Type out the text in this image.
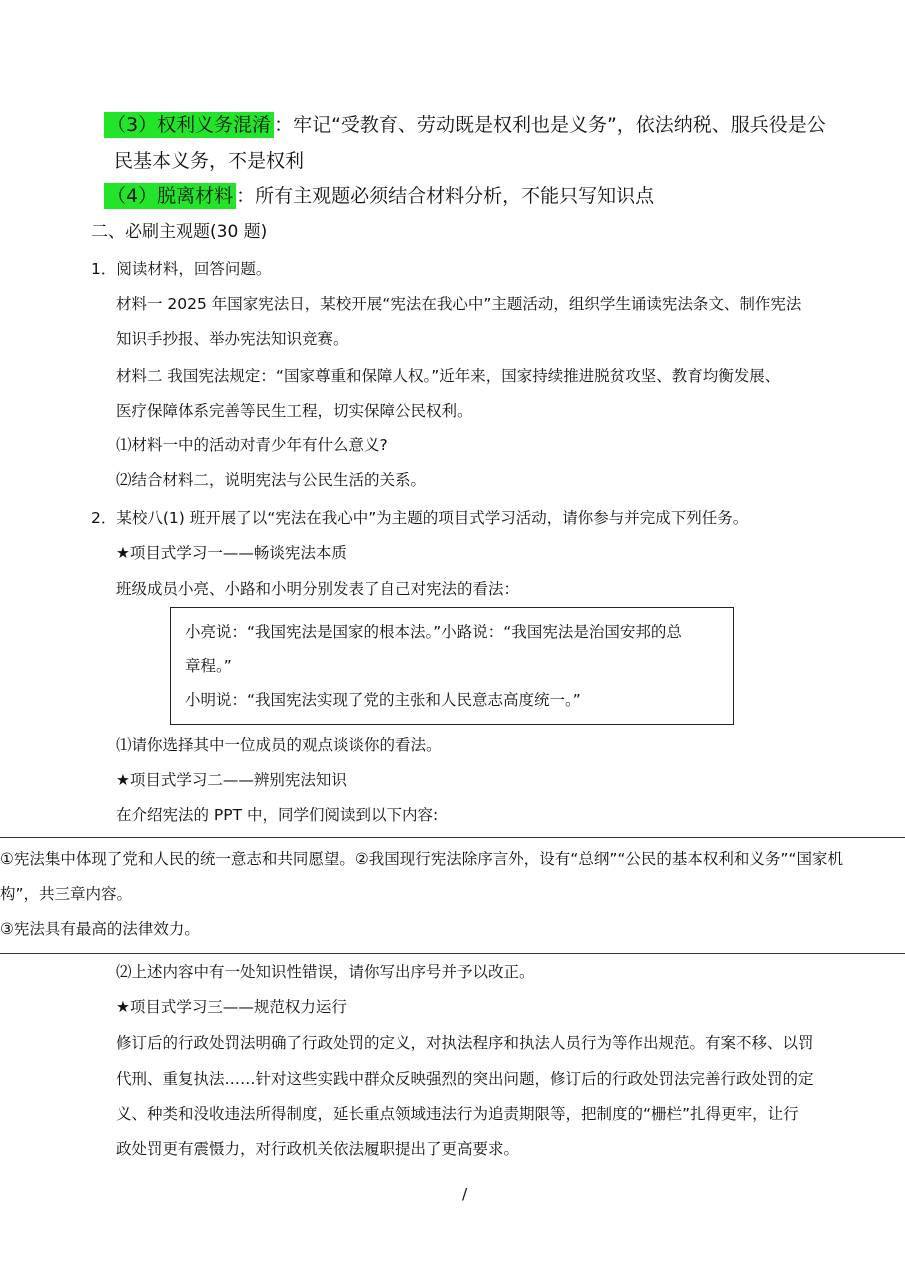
（3）权利义务混淆 ：牢记“受教育、劳动既是权利也是义务”，依法纳税、服兵役是公
民基本义务，不是权利
（4）脱离材料 ：所有主观题必须结合材料分析，不能只写知识点
二、必刷主观题(30 题)
1．阅读材料，回答问题。
材料一 2025 年国家宪法日，某校开展“宪法在我心中”主题活动，组织学生诵读宪法条文、制作宪法
知识手抄报、举办宪法知识竞赛。
材料二 我国宪法规定：“国家尊重和保障人权。”近年来，国家持续推进脱贫攻坚、教育均衡发展、
医疗保障体系完善等民生工程，切实保障公民权利。
⑴材料一中的活动对青少年有什么意义?
⑵结合材料二，说明宪法与公民生活的关系。
2．某校八(1) 班开展了以“宪法在我心中”为主题的项目式学习活动，请你参与并完成下列任务。
★项目式学习一——畅谈宪法本质
班级成员小亮、小路和小明分别发表了自己对宪法的看法：
小亮说：“我国宪法是国家的根本法。”小路说：“我国宪法是治国安邦的总
章程。”
小明说：“我国宪法实现了党的主张和人民意志高度统一。”
⑴请你选择其中一位成员的观点谈谈你的看法。
★项目式学习二——辨别宪法知识
在介绍宪法的 PPT 中，同学们阅读到以下内容:
①宪法集中体现了党和人民的统一意志和共同愿望。②我国现行宪法除序言外，设有“总纲”“公民的基本权利和义务”“国家机
构”，共三章内容。
③宪法具有最高的法律效力。
⑵上述内容中有一处知识性错误，请你写出序号并予以改正。
★项目式学习三——规范权力运行
修订后的行政处罚法明确了行政处罚的定义，对执法程序和执法人员行为等作出规范。有案不移、以罚
代刑、重复执法……针对这些实践中群众反映强烈的突出问题，修订后的行政处罚法完善行政处罚的定
义、种类和没收违法所得制度，延长重点领域违法行为追责期限等，把制度的“栅栏”扎得更牢，让行
政处罚更有震慑力，对行政机关依法履职提出了更高要求。
/
